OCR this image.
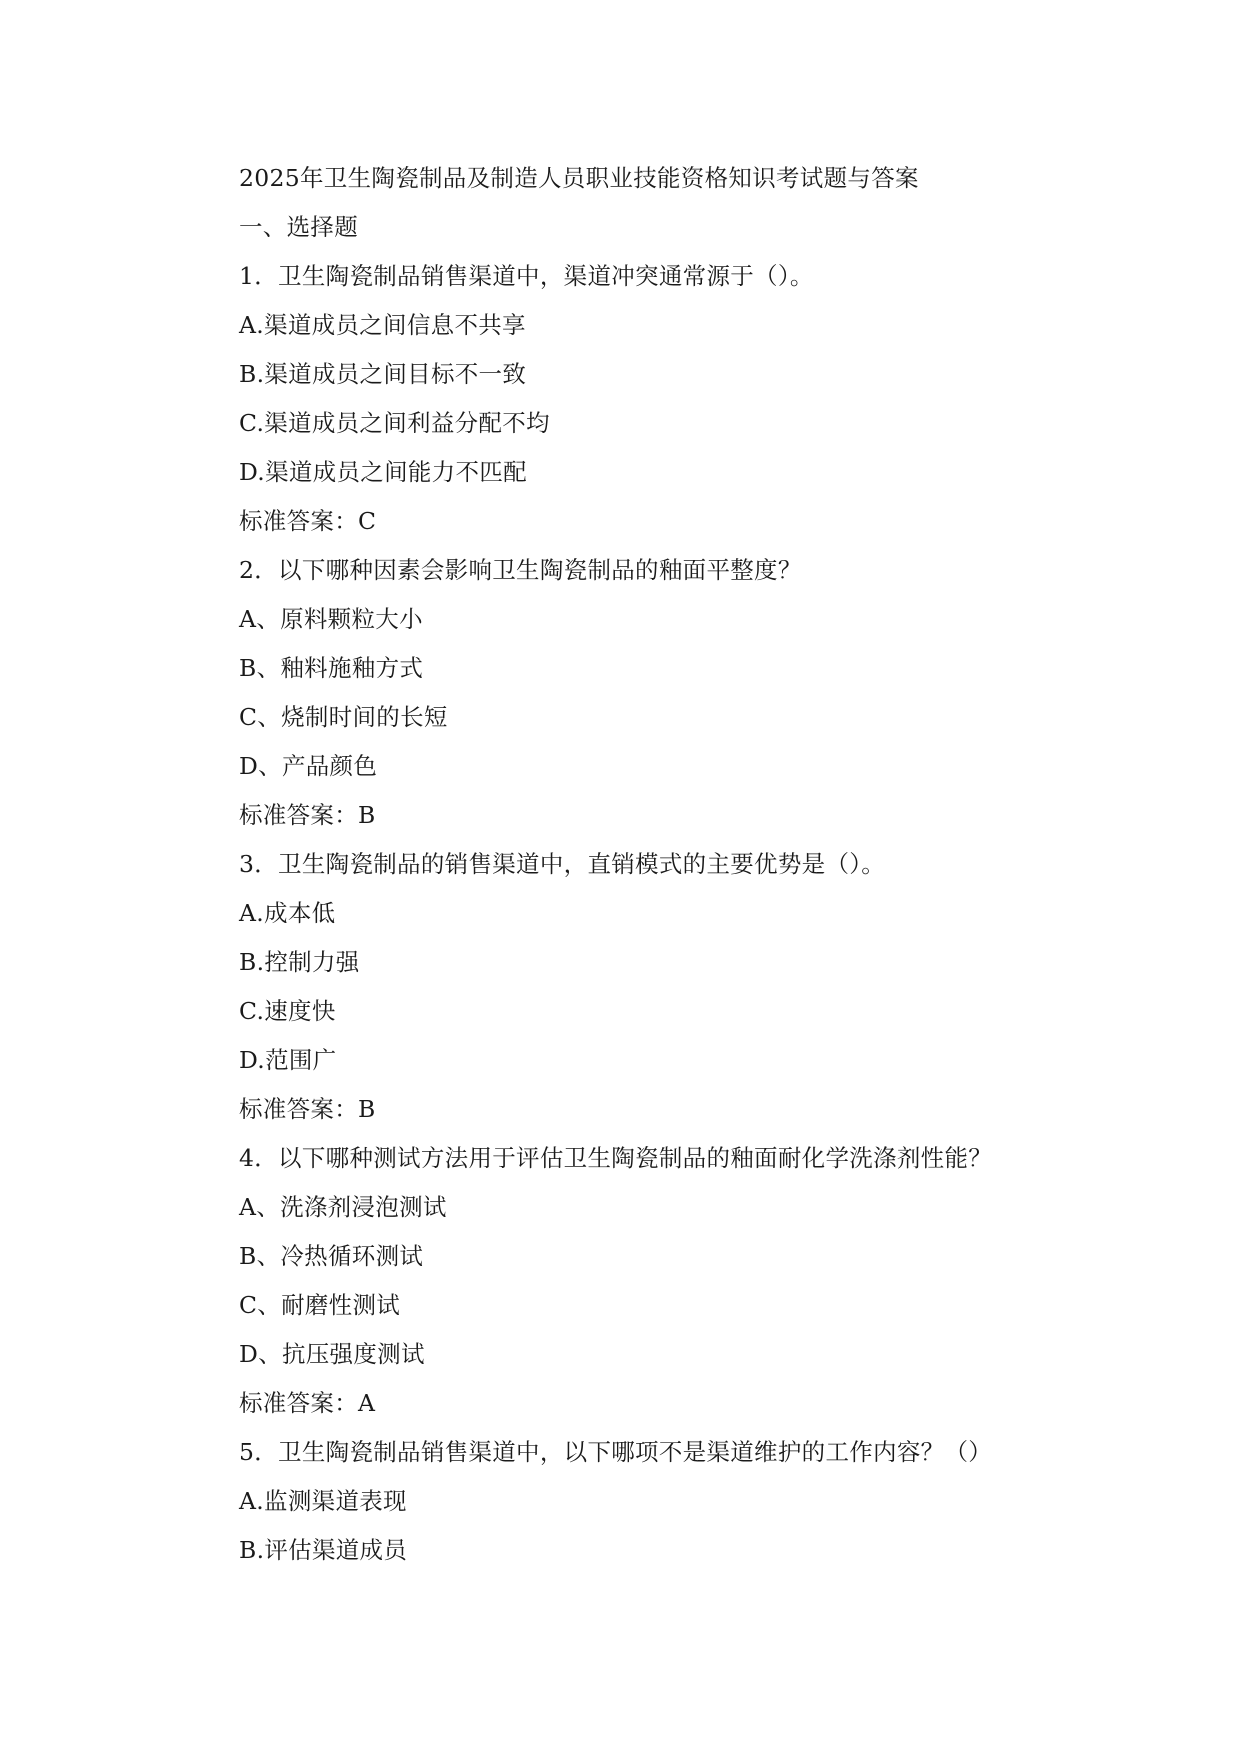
2025年卫生陶瓷制品及制造人员职业技能资格知识考试题与答案
一、选择题
1．卫生陶瓷制品销售渠道中，渠道冲突通常源于（）。
A.渠道成员之间信息不共享
B.渠道成员之间目标不一致
C.渠道成员之间利益分配不均
D.渠道成员之间能力不匹配
标准答案：C
2．以下哪种因素会影响卫生陶瓷制品的釉面平整度？
A、原料颗粒大小
B、釉料施釉方式
C、烧制时间的长短
D、产品颜色
标准答案：B
3．卫生陶瓷制品的销售渠道中，直销模式的主要优势是（）。
A.成本低
B.控制力强
C.速度快
D.范围广
标准答案：B
4．以下哪种测试方法用于评估卫生陶瓷制品的釉面耐化学洗涤剂性能？
A、洗涤剂浸泡测试
B、冷热循环测试
C、耐磨性测试
D、抗压强度测试
标准答案：A
5．卫生陶瓷制品销售渠道中，以下哪项不是渠道维护的工作内容？（）
A.监测渠道表现
B.评估渠道成员
